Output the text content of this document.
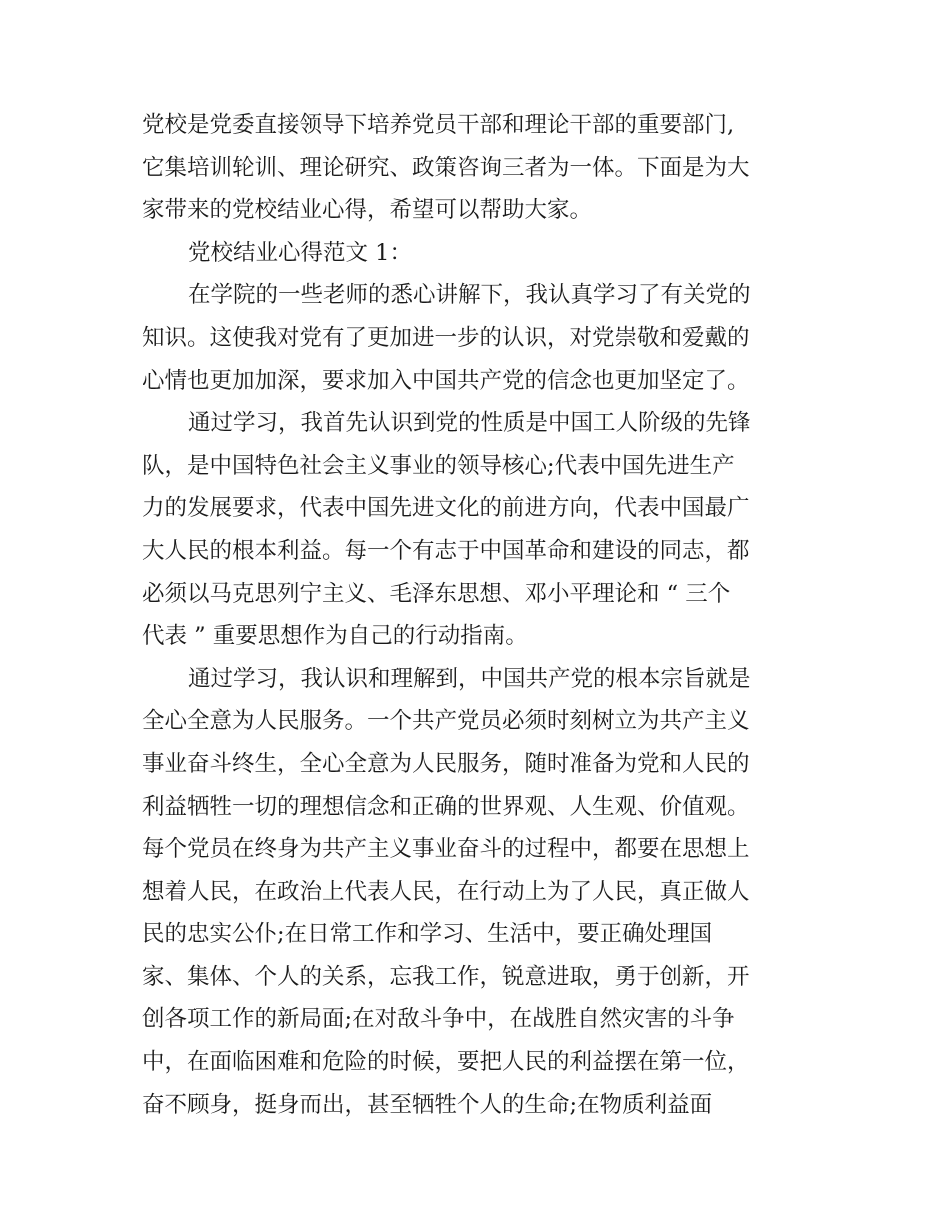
党校是党委直接领导下培养党员干部和理论干部的重要部门,
它集培训轮训、理论研究、政策咨询三者为一体。下面是为大
家带来的党校结业心得，希望可以帮助大家。
党校结业心得范文 1：
在学院的一些老师的悉心讲解下，我认真学习了有关党的
知识。这使我对党有了更加进一步的认识，对党崇敬和爱戴的
心情也更加加深，要求加入中国共产党的信念也更加坚定了。
通过学习，我首先认识到党的性质是中国工人阶级的先锋
队，是中国特色社会主义事业的领导核心;代表中国先进生产
力的发展要求，代表中国先进文化的前进方向，代表中国最广
大人民的根本利益。每一个有志于中国革命和建设的同志，都
必须以马克思列宁主义、毛泽东思想、邓小平理论和 “ 三个
代表 ” 重要思想作为自己的行动指南。
通过学习，我认识和理解到，中国共产党的根本宗旨就是
全心全意为人民服务。一个共产党员必须时刻树立为共产主义
事业奋斗终生，全心全意为人民服务，随时准备为党和人民的
利益牺牲一切的理想信念和正确的世界观、人生观、价值观。
每个党员在终身为共产主义事业奋斗的过程中，都要在思想上
想着人民，在政治上代表人民，在行动上为了人民，真正做人
民的忠实公仆;在日常工作和学习、生活中，要正确处理国
家、集体、个人的关系，忘我工作，锐意进取，勇于创新，开
创各项工作的新局面;在对敌斗争中，在战胜自然灾害的斗争
中，在面临困难和危险的时候，要把人民的利益摆在第一位，
奋不顾身，挺身而出，甚至牺牲个人的生命;在物质利益面
